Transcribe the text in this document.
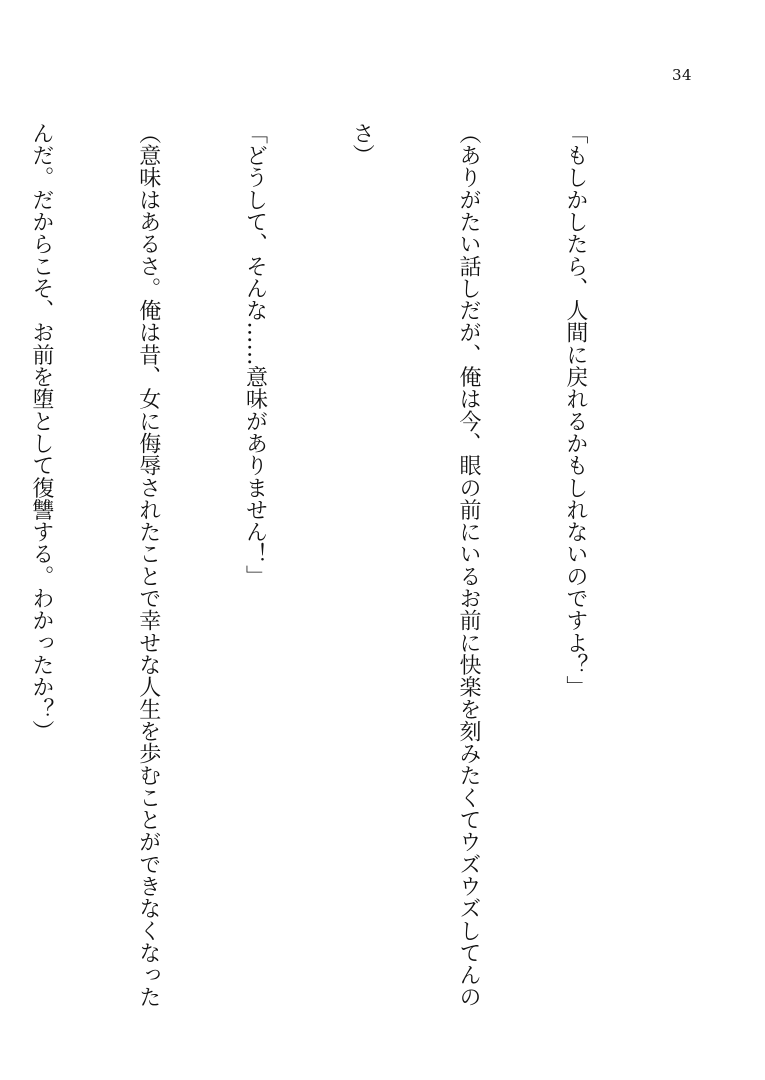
34

「もしかしたら、人間に戻れるかもしれないのですよ？」

（ありがたい話しだが、俺は今、眼の前にいるお前に快楽を刻みたくてウズウズしてんの

さ）

「どうして、そんな……意味がありません！」

（意味はあるさ。俺は昔、女に侮辱されたことで幸せな人生を歩むことができなくなった

んだ。だからこそ、お前を堕として復讐する。わかったか？）
